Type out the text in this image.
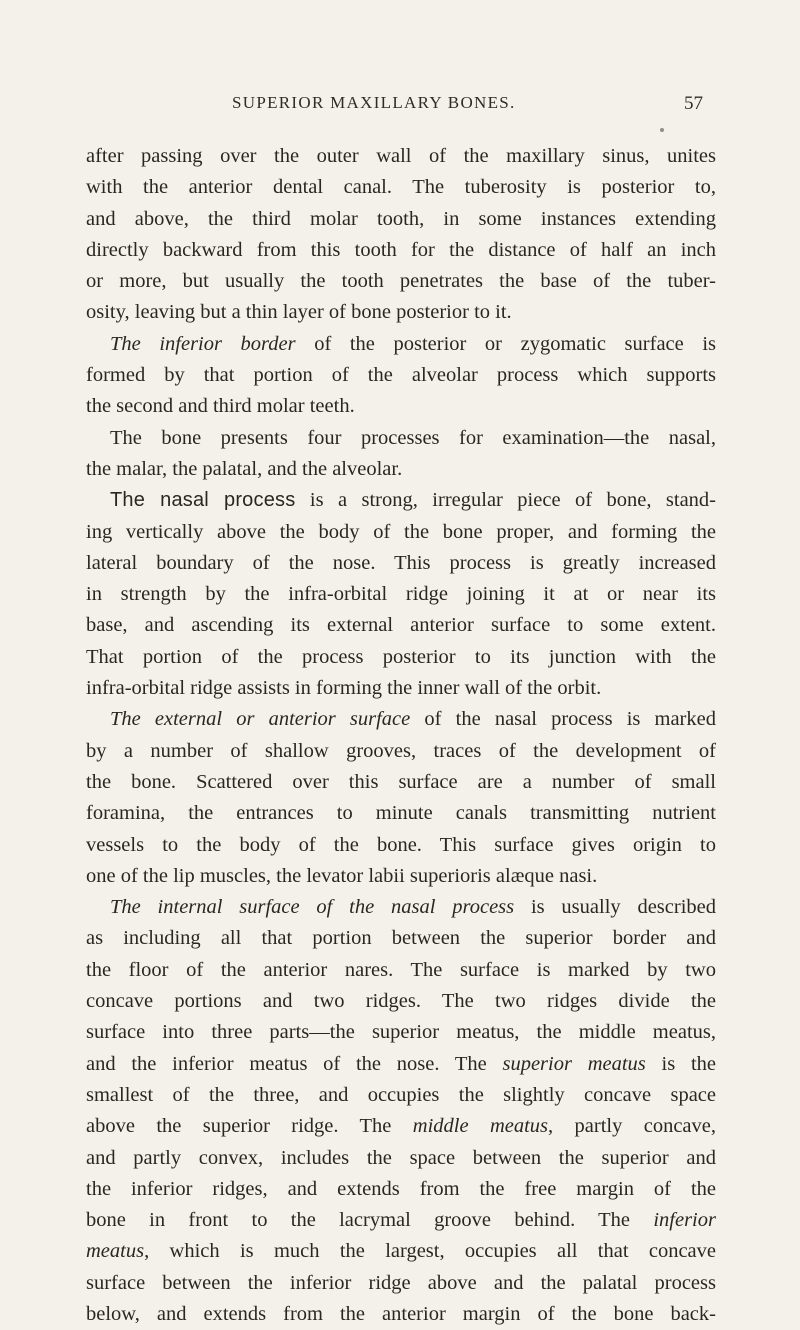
SUPERIOR MAXILLARY BONES.	57
after passing over the outer wall of the maxillary sinus, unites
with the anterior dental canal. The tuberosity is posterior to,
and above, the third molar tooth, in some instances extending
directly backward from this tooth for the distance of half an inch
or more, but usually the tooth penetrates the base of the tuber-
osity, leaving but a thin layer of bone posterior to it.
The inferior border of the posterior or zygomatic surface is
formed by that portion of the alveolar process which supports
the second and third molar teeth.
The bone presents four processes for examination—the nasal,
the malar, the palatal, and the alveolar.
The nasal process is a strong, irregular piece of bone, stand-
ing vertically above the body of the bone proper, and forming the
lateral boundary of the nose. This process is greatly increased
in strength by the infra-orbital ridge joining it at or near its
base, and ascending its external anterior surface to some extent.
That portion of the process posterior to its junction with the
infra-orbital ridge assists in forming the inner wall of the orbit.
The external or anterior surface of the nasal process is marked
by a number of shallow grooves, traces of the development of
the bone. Scattered over this surface are a number of small
foramina, the entrances to minute canals transmitting nutrient
vessels to the body of the bone. This surface gives origin to
one of the lip muscles, the levator labii superioris alæque nasi.
The internal surface of the nasal process is usually described
as including all that portion between the superior border and
the floor of the anterior nares. The surface is marked by two
concave portions and two ridges. The two ridges divide the
surface into three parts—the superior meatus, the middle meatus,
and the inferior meatus of the nose. The superior meatus is the
smallest of the three, and occupies the slightly concave space
above the superior ridge. The middle meatus, partly concave,
and partly convex, includes the space between the superior and
the inferior ridges, and extends from the free margin of the
bone in front to the lacrymal groove behind. The inferior
meatus, which is much the largest, occupies all that concave
surface between the inferior ridge above and the palatal process
below, and extends from the anterior margin of the bone back-
